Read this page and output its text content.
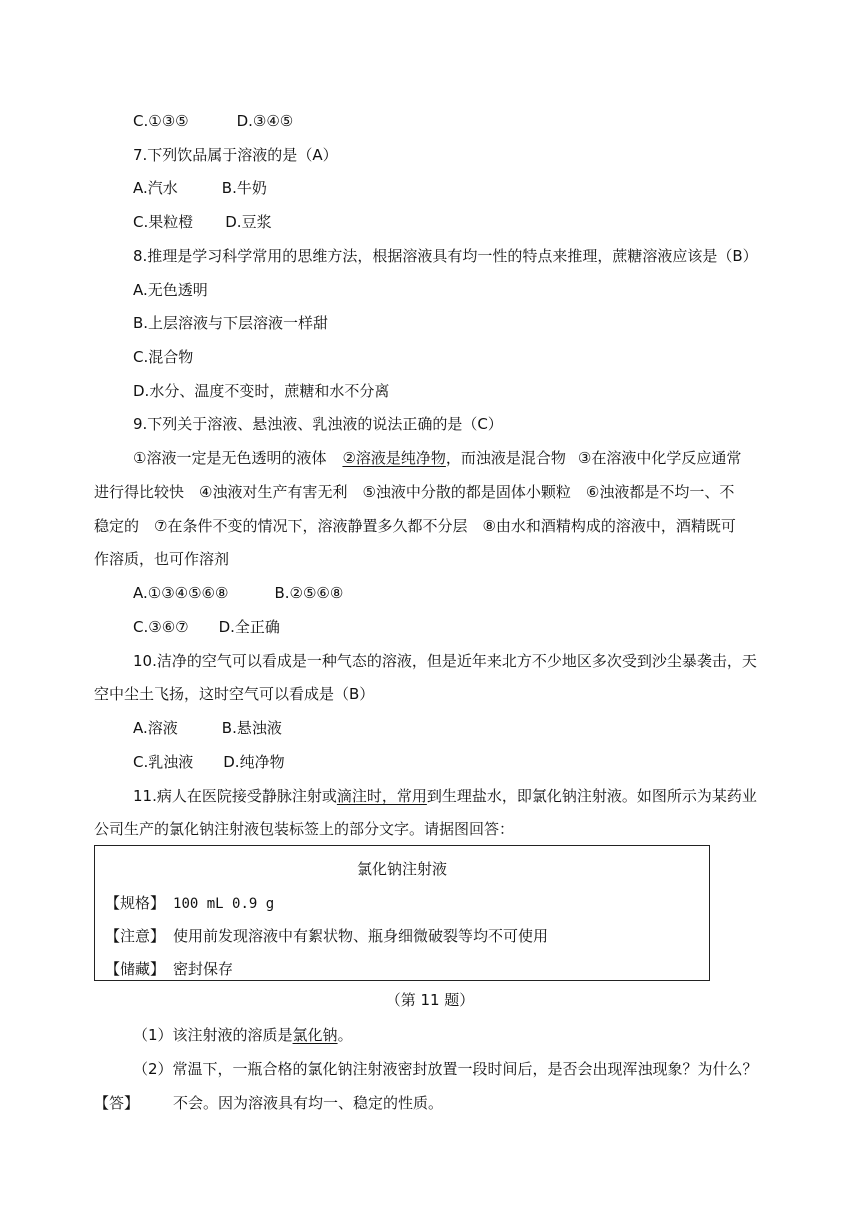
C.①③⑤	D.③④⑤
7.下列饮品属于溶液的是（A）
A.汽水	B.牛奶
C.果粒橙 D.豆浆
8.推理是学习科学常用的思维方法，根据溶液具有均一性的特点来推理，蔗糖溶液应该是（B）
A.无色透明
B.上层溶液与下层溶液一样甜
C.混合物
D.水分、温度不变时，蔗糖和水不分离
9.下列关于溶液、悬浊液、乳浊液的说法正确的是（C）
①溶液一定是无色透明的液体 ②溶液是纯净物，而浊液是混合物 ③在溶液中化学反应通常
进行得比较快　④浊液对生产有害无利　⑤浊液中分散的都是固体小颗粒　⑥浊液都是不均一、不
稳定的　⑦在条件不变的情况下，溶液静置多久都不分层　⑧由水和酒精构成的溶液中，酒精既可
作溶质，也可作溶剂
A.①③④⑤⑥⑧	B.②⑤⑥⑧
C.③⑥⑦ D.全正确
10.洁净的空气可以看成是一种气态的溶液，但是近年来北方不少地区多次受到沙尘暴袭击，天
空中尘土飞扬，这时空气可以看成是（B）
A.溶液	B.悬浊液
C.乳浊液 D.纯净物
11.病人在医院接受静脉注射或滴注时，常用到生理盐水，即氯化钠注射液。如图所示为某药业
公司生产的氯化钠注射液包装标签上的部分文字。请据图回答：
氯化钠注射液
【规格】 100 mL 0.9 g
【注意】 使用前发现溶液中有絮状物、瓶身细微破裂等均不可使用
【储藏】 密封保存
（第 11 题）
（1）该注射液的溶质是氯化钠。
（2）常温下，一瓶合格的氯化钠注射液密封放置一段时间后，是否会出现浑浊现象？为什么？
【答】 不会。因为溶液具有均一、稳定的性质。
